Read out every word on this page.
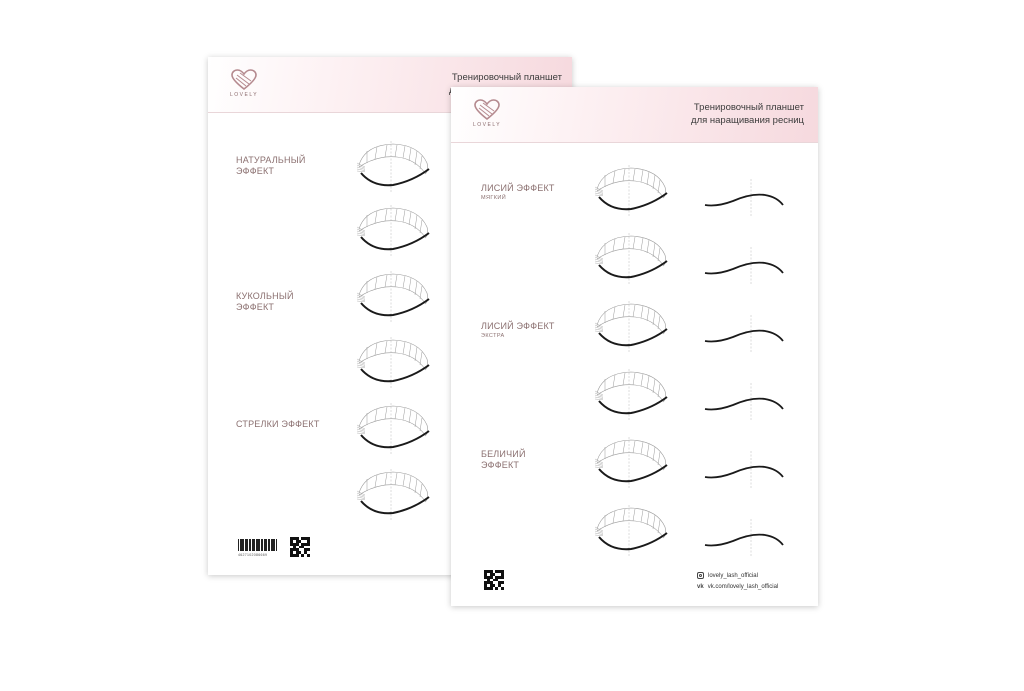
LOVELY
Тренировочный планшет

НАТУРАЛЬНЫЙ ЭФФЕКТ
КУКОЛЬНЫЙ ЭФФЕКТ
СТРЕЛКИ ЭФФЕКТ
4627102086669
LOVELY
Тренировочный планшет
для наращивания ресниц
ЛИСИЙ ЭФФЕКТ
МЯГКИЙ
ЛИСИЙ ЭФФЕКТ
ЭКСТРА
БЕЛИЧИЙ ЭФФЕКТ
lovely_lash_official
vk vk.com/lovely_lash_official
